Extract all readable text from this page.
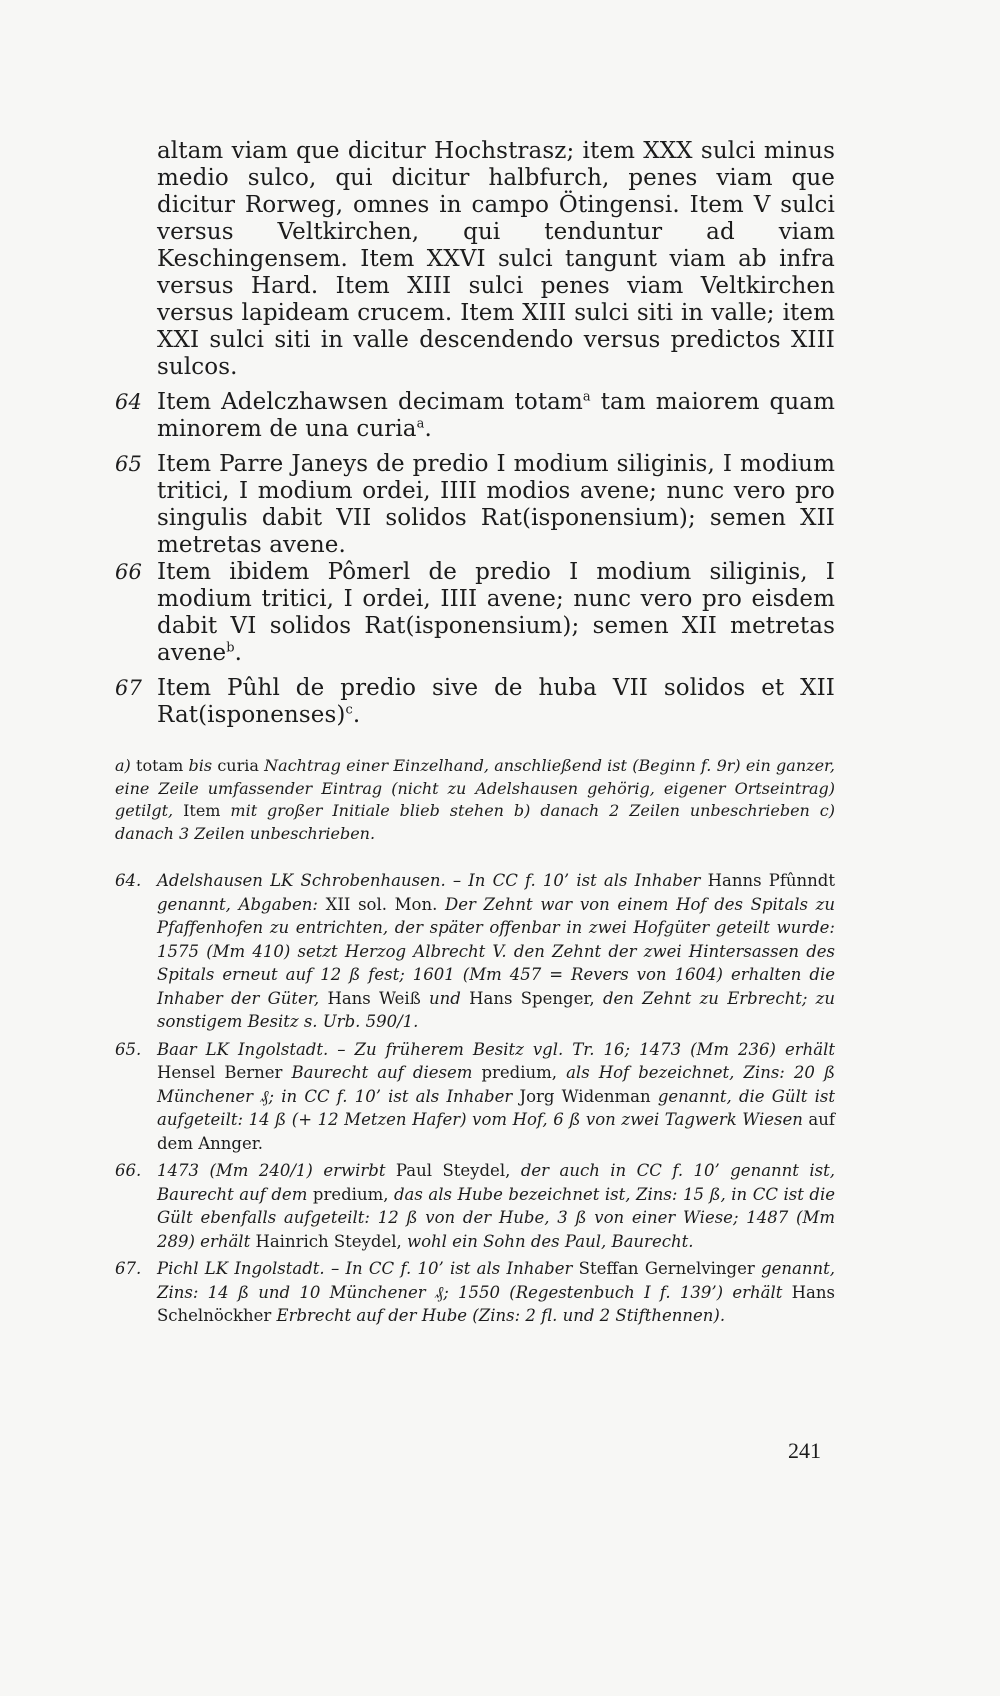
altam viam que dicitur Hochstrasz; item XXX sulci minus medio sulco, qui dicitur halbfurch, penes viam que dicitur Rorweg, omnes in campo Ötingensi. Item V sulci versus Veltkirchen, qui tenduntur ad viam Keschingensem. Item XXVI sulci tangunt viam ab infra versus Hard. Item XIII sulci penes viam Veltkirchen versus lapideam crucem. Item XIII sulci siti in valle; item XXI sulci siti in valle descendendo versus predictos XIII sulcos.

64 Item Adelczhawsen decimam totam$^a$ tam maiorem quam minorem de una curia$^a$.
65 Item Parre Janeys de predio I modium siliginis, I modium tritici, I modium ordei, IIII modios avene; nunc vero pro singulis dabit VII solidos Rat(isponensium); semen XII metretas avene.
66 Item ibidem Pômerl de predio I modium siliginis, I modium tritici, I ordei, IIII avene; nunc vero pro eisdem dabit VI solidos Rat(isponensium); semen XII metretas avene$^b$.
67 Item Pûhl de predio sive de huba VII solidos et XII Rat(isponenses)$^c$.
a) totam bis curia Nachtrag einer Einzelhand, anschließend ist (Beginn f. 9r) ein ganzer, eine Zeile umfassender Eintrag (nicht zu Adelshausen gehörig, eigener Ortseintrag) getilgt, Item mit großer Initiale blieb stehen b) danach 2 Zeilen unbeschrieben c) danach 3 Zeilen unbeschrieben.
64. Adelshausen LK Schrobenhausen. – In CC f. 10’ ist als Inhaber Hanns Pfûnndt genannt, Abgaben: XII sol. Mon. Der Zehnt war von einem Hof des Spitals zu Pfaffenhofen zu entrichten, der später offenbar in zwei Hofgüter geteilt wurde: 1575 (Mm 410) setzt Herzog Albrecht V. den Zehnt der zwei Hintersassen des Spitals erneut auf 12 ß fest; 1601 (Mm 457 = Revers von 1604) erhalten die Inhaber der Güter, Hans Weiß und Hans Spenger, den Zehnt zu Erbrecht; zu sonstigem Besitz s. Urb. 590/1.
65. Baar LK Ingolstadt. – Zu früherem Besitz vgl. Tr. 16; 1473 (Mm 236) erhält Hensel Berner Baurecht auf diesem predium, als Hof bezeichnet, Zins: 20 ß Münchener ₰; in CC f. 10’ ist als Inhaber Jorg Widenman genannt, die Gült ist aufgeteilt: 14 ß (+ 12 Metzen Hafer) vom Hof, 6 ß von zwei Tagwerk Wiesen auf dem Annger.
66. 1473 (Mm 240/1) erwirbt Paul Steydel, der auch in CC f. 10’ genannt ist, Baurecht auf dem predium, das als Hube bezeichnet ist, Zins: 15 ß, in CC ist die Gült ebenfalls aufgeteilt: 12 ß von der Hube, 3 ß von einer Wiese; 1487 (Mm 289) erhält Hainrich Steydel, wohl ein Sohn des Paul, Baurecht.
67. Pichl LK Ingolstadt. – In CC f. 10’ ist als Inhaber Steffan Gernelvinger genannt, Zins: 14 ß und 10 Münchener ₰; 1550 (Regestenbuch I f. 139’) erhält Hans Schelnöckher Erbrecht auf der Hube (Zins: 2 fl. und 2 Stifthennen).
241
